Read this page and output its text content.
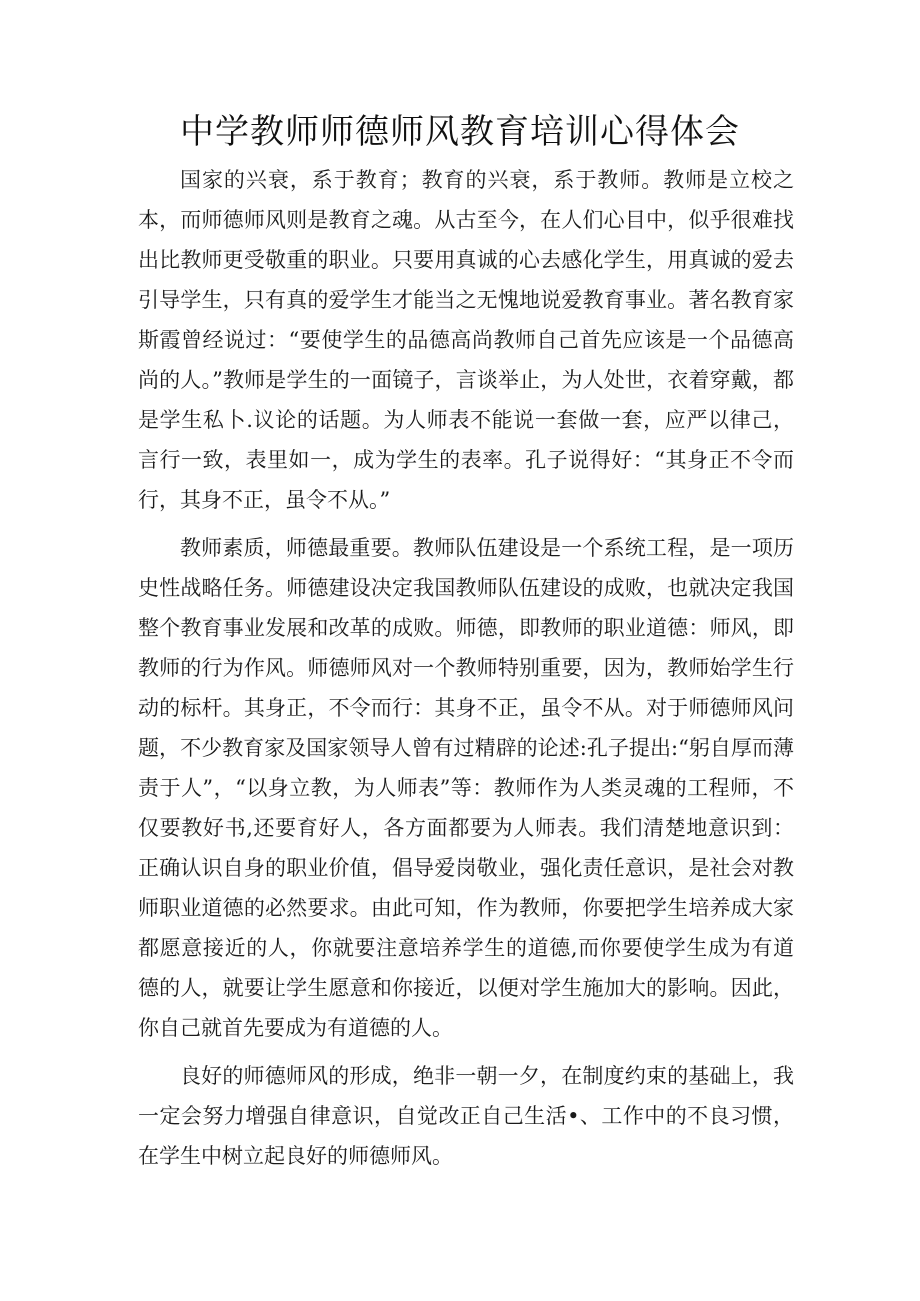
中学教师师德师风教育培训心得体会

国家的兴衰，系于教育；教育的兴衰，系于教师。教师是立校之本，而师德师风则是教育之魂。从古至今，在人们心目中，似乎很难找出比教师更受敬重的职业。只要用真诚的心去感化学生，用真诚的爱去引导学生，只有真的爱学生才能当之无愧地说爱教育事业。著名教育家斯霞曾经说过：“要使学生的品德高尚教师自己首先应该是一个品德高尚的人。”教师是学生的一面镜子，言谈举止，为人处世，衣着穿戴，都是学生私卜.议论的话题。为人师表不能说一套做一套，应严以律己，言行一致，表里如一，成为学生的表率。孔子说得好：“其身正不令而行，其身不正，虽令不从。”

教师素质，师德最重要。教师队伍建设是一个系统工程，是一项历史性战略任务。师德建设决定我国教师队伍建设的成败，也就决定我国整个教育事业发展和改革的成败。师德，即教师的职业道德：师风，即教师的行为作风。师德师风对一个教师特别重要，因为，教师始学生行动的标杆。其身正，不令而行：其身不正，虽令不从。对于师德师风问题，不少教育家及国家领导人曾有过精辟的论述:孔子提出:“躬自厚而薄责于人”，“以身立教，为人师表”等：教师作为人类灵魂的工程师，不仅要教好书,还要育好人，各方面都要为人师表。我们清楚地意识到：正确认识自身的职业价值，倡导爱岗敬业，强化责任意识，是社会对教师职业道德的必然要求。由此可知，作为教师，你要把学生培养成大家都愿意接近的人，你就要注意培养学生的道德,而你要使学生成为有道德的人，就要让学生愿意和你接近，以便对学生施加大的影响。因此，你自己就首先要成为有道德的人。

良好的师德师风的形成，绝非一朝一夕，在制度约束的基础上，我一定会努力增强自律意识，自觉改正自己生活•、工作中的不良习惯，在学生中树立起良好的师德师风。
